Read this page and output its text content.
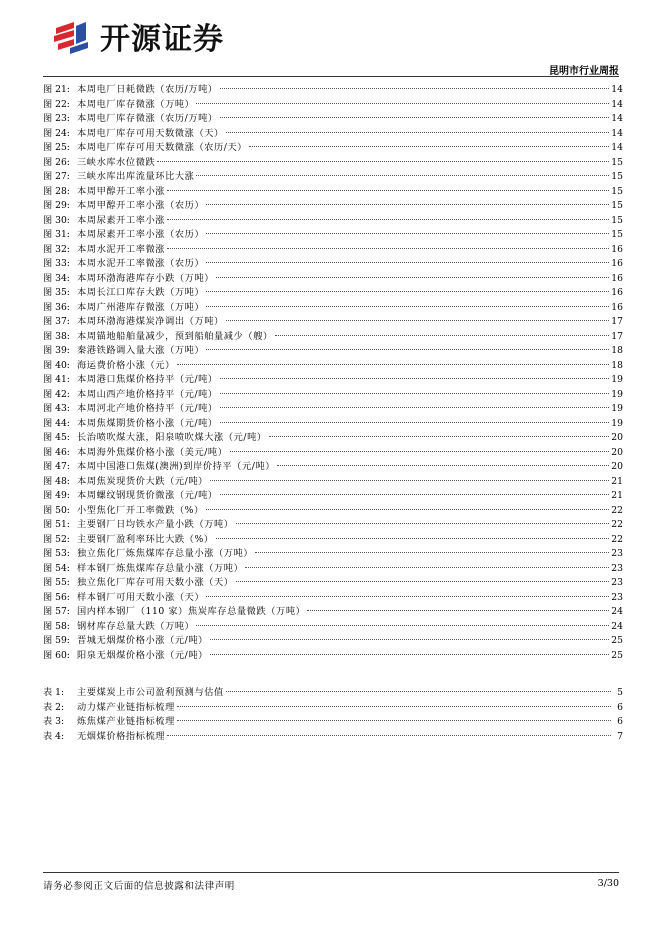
开源证券
昆明市行业周报
图 21: 本周电厂日耗微跌（农历/万吨）	14
图 22: 本周电厂库存微涨（万吨）	14
图 23: 本周电厂库存微涨（农历/万吨）	14
图 24: 本周电厂库存可用天数微涨（天）	14
图 25: 本周电厂库存可用天数微涨（农历/天）	14
图 26: 三峡水库水位微跌	15
图 27: 三峡水库出库流量环比大涨	15
图 28: 本周甲醇开工率小涨	15
图 29: 本周甲醇开工率小涨（农历）	15
图 30: 本周尿素开工率小涨	15
图 31: 本周尿素开工率小涨（农历）	15
图 32: 本周水泥开工率微涨	16
图 33: 本周水泥开工率微涨（农历）	16
图 34: 本周环渤海港库存小跌（万吨）	16
图 35: 本周长江口库存大跌（万吨）	16
图 36: 本周广州港库存微涨（万吨）	16
图 37: 本周环渤海港煤炭净调出（万吨）	17
图 38: 本周锚地船舶量减少，预到船舶量减少（艘）	17
图 39: 秦港铁路调入量大涨（万吨）	18
图 40: 海运费价格小涨（元）	18
图 41: 本周港口焦煤价格持平（元/吨）	19
图 42: 本周山西产地价格持平（元/吨）	19
图 43: 本周河北产地价格持平（元/吨）	19
图 44: 本周焦煤期货价格小涨（元/吨）	19
图 45: 长治喷吹煤大涨，阳泉喷吹煤大涨（元/吨）	20
图 46: 本周海外焦煤价格小涨（美元/吨）	20
图 47: 本周中国港口焦煤(澳洲)到岸价持平（元/吨）	20
图 48: 本周焦炭现货价大跌（元/吨）	21
图 49: 本周螺纹钢现货价微涨（元/吨）	21
图 50: 小型焦化厂开工率微跌（%）	22
图 51: 主要钢厂日均铁水产量小跌（万吨）	22
图 52: 主要钢厂盈利率环比大跌（%）	22
图 53: 独立焦化厂炼焦煤库存总量小涨（万吨）	23
图 54: 样本钢厂炼焦煤库存总量小涨（万吨）	23
图 55: 独立焦化厂库存可用天数小涨（天）	23
图 56: 样本钢厂可用天数小涨（天）	23
图 57: 国内样本钢厂（110 家）焦炭库存总量微跌（万吨）	24
图 58: 钢材库存总量大跌（万吨）	24
图 59: 晋城无烟煤价格小涨（元/吨）	25
图 60: 阳泉无烟煤价格小涨（元/吨）	25
表 1:	主要煤炭上市公司盈利预测与估值	5
表 2:	动力煤产业链指标梳理	6
表 3:	炼焦煤产业链指标梳理	6
表 4:	无烟煤价格指标梳理	7
请务必参阅正文后面的信息披露和法律声明	3/30
